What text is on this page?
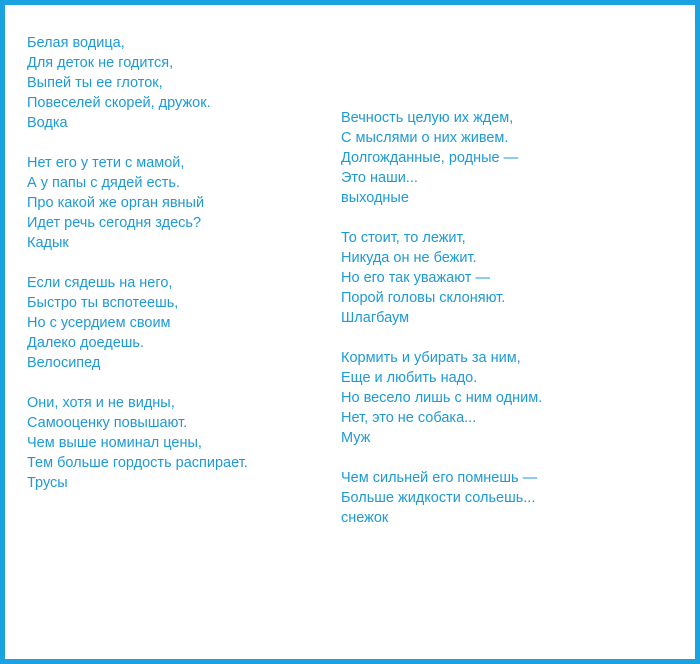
Белая водица,
Для деток не годится,
Выпей ты ее глоток,
Повеселей скорей, дружок.
Водка
Нет его у тети с мамой,
А у папы с дядей есть.
Про какой же орган явный
Идет речь сегодня здесь?
Кадык
Если сядешь на него,
Быстро ты вспотеешь,
Но с усердием своим
Далеко доедешь.
Велосипед
Они, хотя и не видны,
Самооценку повышают.
Чем выше номинал цены,
Тем больше гордость распирает.
Трусы
Вечность целую их ждем,
С мыслями о них живем.
Долгожданные, родные —
Это наши...
выходные
То стоит, то лежит,
Никуда он не бежит.
Но его так уважают —
Порой головы склоняют.
Шлагбаум
Кормить и убирать за ним,
Еще и любить надо.
Но весело лишь с ним одним.
Нет, это не собака...
Муж
Чем сильней его помнешь —
Больше жидкости сольешь...
снежок
